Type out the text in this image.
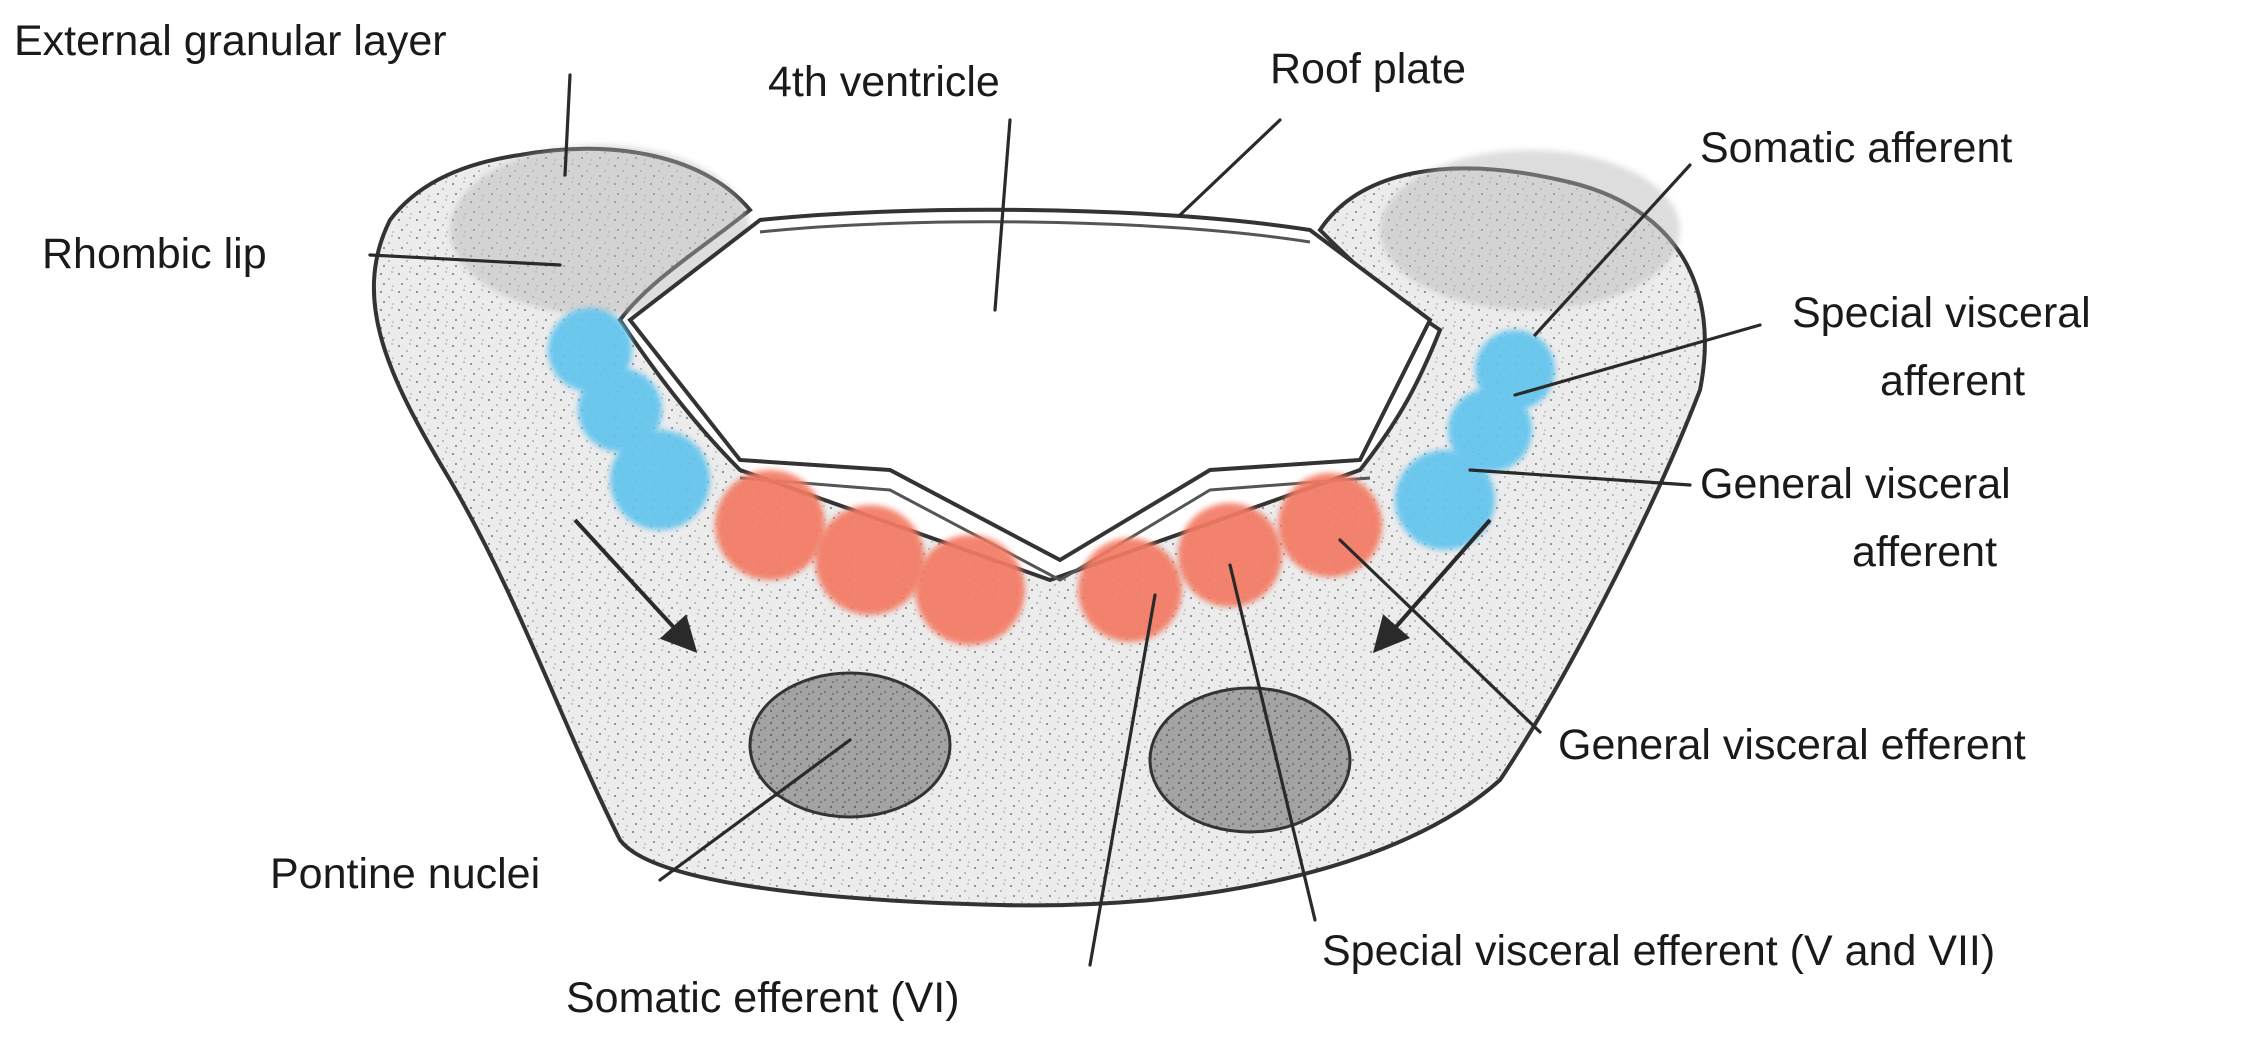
External granular layer
4th ventricle	Roof plate
Somatic afferent
Rhombic lip
Special visceral
afferent
General visceral
afferent
General visceral efferent
Pontine nuclei
Special visceral efferent (V and VII)
Somatic efferent (VI)
